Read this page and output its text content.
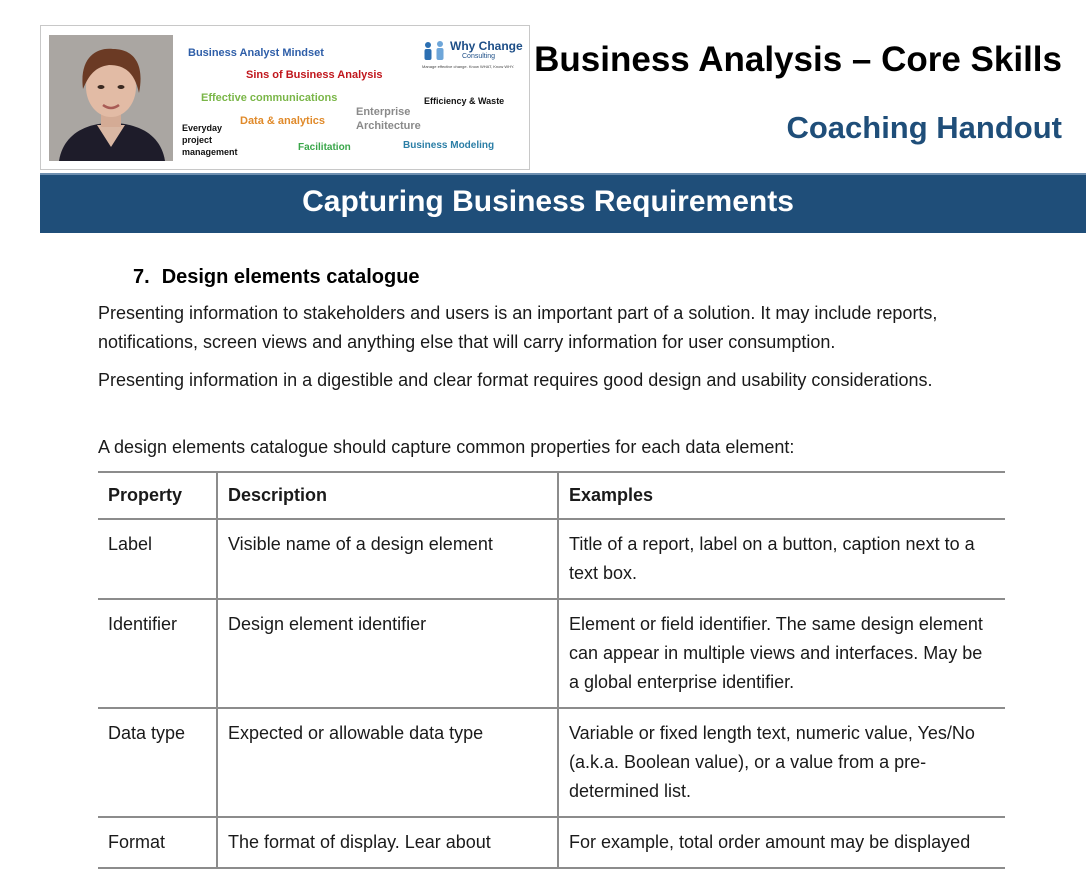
Business Analyst Mindset
Sins of Business Analysis
Effective communications
Enterprise
Architecture
Efficiency & Waste
Data & analytics
Everyday
project
management	Facilitation	Business Modeling
Why Change
Consulting
Manage effective change. Know WHAT, Know WHY. Business Analysis – Core Skills
Coaching Handout
Capturing Business Requirements
7. Design elements catalogue
Presenting information to stakeholders and users is an important part of a solution. It may include reports, notifications, screen views and anything else that will carry information for user consumption.
Presenting information in a digestible and clear format requires good design and usability considerations.
A design elements catalogue should capture common properties for each data element:
Property	Description	Examples
Label	Visible name of a design element	Title of a report, label on a button, caption next to a text box.
Identifier	Design element identifier	Element or field identifier. The same design element can appear in multiple views and interfaces. May be a global enterprise identifier.
Data type	Expected or allowable data type	Variable or fixed length text, numeric value, Yes/No (a.k.a. Boolean value), or a value from a pre-determined list.
Format	The format of display. Lear about	For example, total order amount may be displayed
